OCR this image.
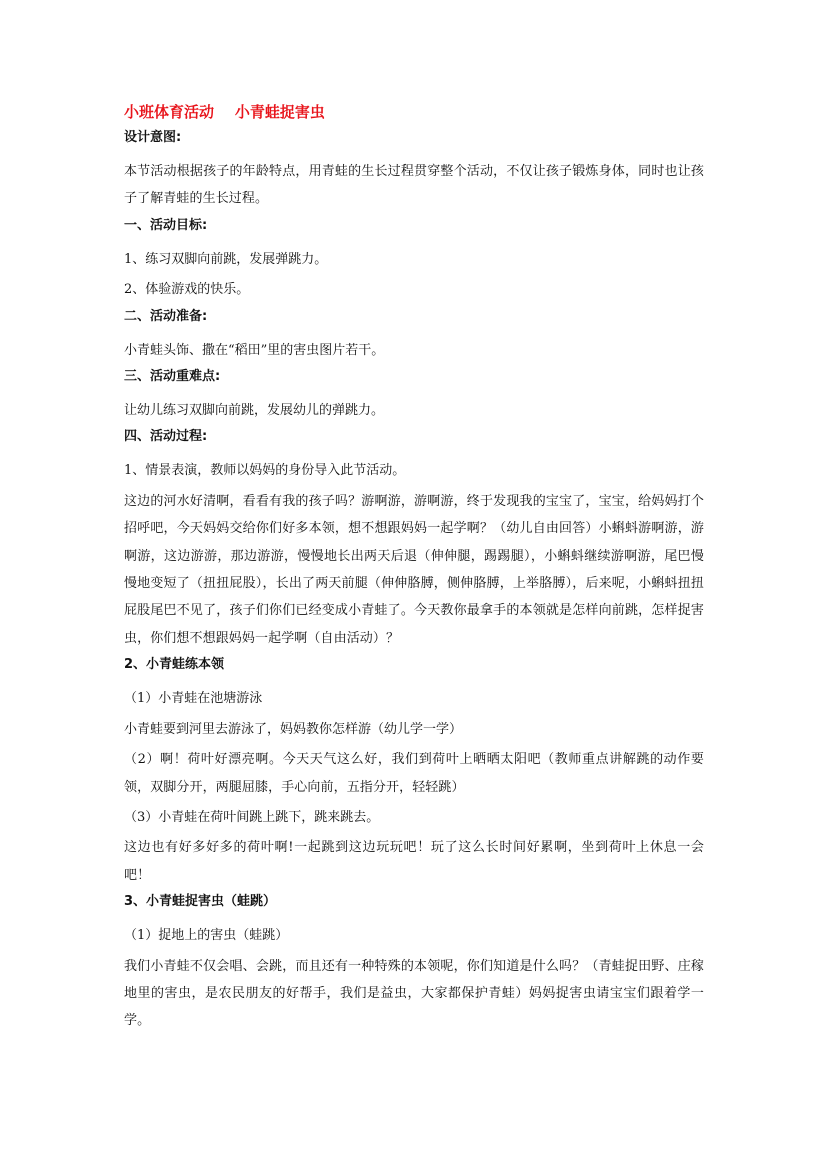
小班体育活动    小青蛙捉害虫
设计意图:
本节活动根据孩子的年龄特点，用青蛙的生长过程贯穿整个活动，不仅让孩子锻炼身体，同时也让孩子了解青蛙的生长过程。
一、活动目标:
1、练习双脚向前跳，发展弹跳力。
2、体验游戏的快乐。
二、活动准备:
小青蛙头饰、撒在“稻田”里的害虫图片若干。
三、活动重难点:
让幼儿练习双脚向前跳，发展幼儿的弹跳力。
四、活动过程:
1、情景表演，教师以妈妈的身份导入此节活动。
这边的河水好清啊，看看有我的孩子吗？游啊游，游啊游，终于发现我的宝宝了，宝宝，给妈妈打个招呼吧，今天妈妈交给你们好多本领，想不想跟妈妈一起学啊？（幼儿自由回答）小蝌蚪游啊游，游啊游，这边游游，那边游游，慢慢地长出两天后退（伸伸腿，踢踢腿），小蝌蚪继续游啊游，尾巴慢慢地变短了（扭扭屁股），长出了两天前腿（伸伸胳膊，侧伸胳膊，上举胳膊），后来呢，小蝌蚪扭扭屁股尾巴不见了，孩子们你们已经变成小青蛙了。今天教你最拿手的本领就是怎样向前跳，怎样捉害虫，你们想不想跟妈妈一起学啊（自由活动）？
2、小青蛙练本领
（1）小青蛙在池塘游泳
小青蛙要到河里去游泳了，妈妈教你怎样游（幼儿学一学）
（2）啊！荷叶好漂亮啊。今天天气这么好，我们到荷叶上晒晒太阳吧（教师重点讲解跳的动作要领，双脚分开，两腿屈膝，手心向前，五指分开，轻轻跳）
（3）小青蛙在荷叶间跳上跳下，跳来跳去。
这边也有好多好多的荷叶啊!一起跳到这边玩玩吧！玩了这么长时间好累啊，坐到荷叶上休息一会吧！
3、小青蛙捉害虫（蛙跳）
（1）捉地上的害虫（蛙跳）
我们小青蛙不仅会唱、会跳，而且还有一种特殊的本领呢，你们知道是什么吗？（青蛙捉田野、庄稼地里的害虫，是农民朋友的好帮手，我们是益虫，大家都保护青蛙）妈妈捉害虫请宝宝们跟着学一学。
